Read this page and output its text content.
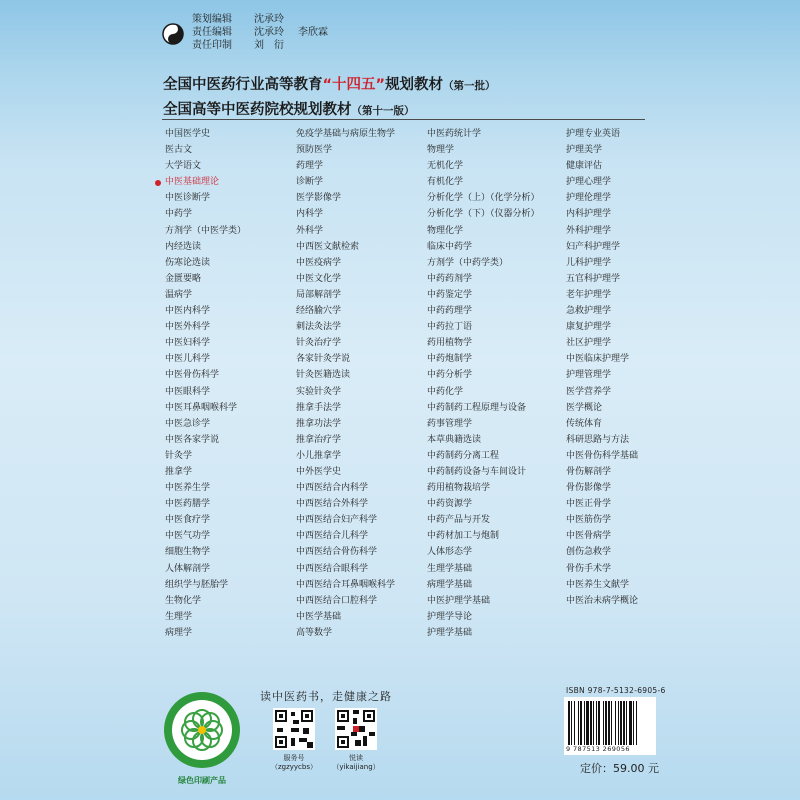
策划编辑 沈承玲
责任编辑 沈承玲 李欣霖
责任印制 刘　衍
全国中医药行业高等教育“十四五”规划教材（第一批）
全国高等中医药院校规划教材（第十一版）
中国医学史
医古文
大学语文
中医基础理论
中医诊断学
中药学
方剂学（中医学类）
内经选读
伤寒论选读
金匮要略
温病学
中医内科学
中医外科学
中医妇科学
中医儿科学
中医骨伤科学
中医眼科学
中医耳鼻咽喉科学
中医急诊学
中医各家学说
针灸学
推拿学
中医养生学
中医药膳学
中医食疗学
中医气功学
细胞生物学
人体解剖学
组织学与胚胎学
生物化学
生理学
病理学
免疫学基础与病原生物学
预防医学
药理学
诊断学
医学影像学
内科学
外科学
中西医文献检索
中医疫病学
中医文化学
局部解剖学
经络腧穴学
刺法灸法学
针灸治疗学
各家针灸学说
针灸医籍选读
实验针灸学
推拿手法学
推拿功法学
推拿治疗学
小儿推拿学
中外医学史
中西医结合内科学
中西医结合外科学
中西医结合妇产科学
中西医结合儿科学
中西医结合骨伤科学
中西医结合眼科学
中西医结合耳鼻咽喉科学
中西医结合口腔科学
中医学基础
高等数学
中医药统计学
物理学
无机化学
有机化学
分析化学（上）（化学分析）
分析化学（下）（仪器分析）
物理化学
临床中药学
方剂学（中药学类）
中药药剂学
中药鉴定学
中药药理学
中药拉丁语
药用植物学
中药炮制学
中药分析学
中药化学
中药制药工程原理与设备
药事管理学
本草典籍选读
中药制药分离工程
中药制药设备与车间设计
药用植物栽培学
中药资源学
中药产品与开发
中药材加工与炮制
人体形态学
生理学基础
病理学基础
中医护理学基础
护理学导论
护理学基础
护理专业英语
护理美学
健康评估
护理心理学
护理伦理学
内科护理学
外科护理学
妇产科护理学
儿科护理学
五官科护理学
老年护理学
急救护理学
康复护理学
社区护理学
中医临床护理学
护理管理学
医学营养学
医学概论
传统体育
科研思路与方法
中医骨伤科学基础
骨伤解剖学
骨伤影像学
中医正骨学
中医筋伤学
中医骨病学
创伤急救学
骨伤手术学
中医养生文献学
中医治未病学概论
读中医药书，走健康之路
绿色印刷产品
服务号
（zgzyycbs）
悦读
（yikaijiang）
ISBN 978-7-5132-6905-6
9 787513 269056
定价：59.00 元
